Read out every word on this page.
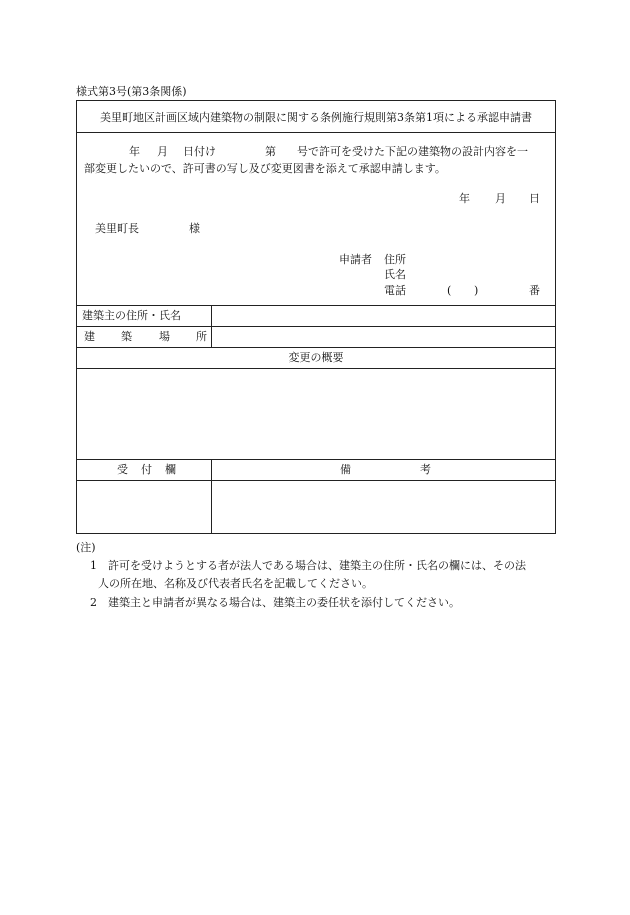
様式第3号(第3条関係)
美里町地区計画区域内建築物の制限に関する条例施行規則第3条第1項による承認申請書
年 月 日付け	第 号で許可を受けた下記の建築物の設計内容を一
部変更したいので、許可書の写し及び変更図書を添えて承認申請します。
年 月 日
美里町長	様
申請者 住所
氏名
電話	( )	番
建築主の住所・氏名
建 築 場 所
変更の概要
受 付 欄	備	考
(注)
1 許可を受けようとする者が法人である場合は、建築主の住所・氏名の欄には、その法
人の所在地、名称及び代表者氏名を記載してください。
2 建築主と申請者が異なる場合は、建築主の委任状を添付してください。
